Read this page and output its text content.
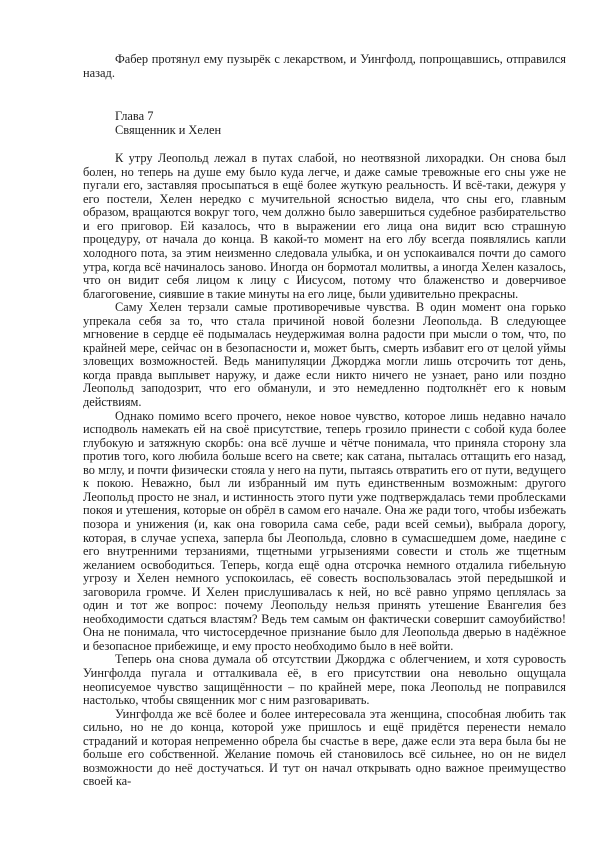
Фабер протянул ему пузырёк с лекарством, и Уингфолд, попрощавшись, отправился назад.

Глава 7
Священник и Хелен

К утру Леопольд лежал в путах слабой, но неотвязной лихорадки. Он снова был болен, но теперь на душе ему было куда легче, и даже самые тревожные его сны уже не пугали его, заставляя просыпаться в ещё более жуткую реальность. И всё-таки, дежуря у его постели, Хелен нередко с мучительной ясностью видела, что сны его, главным образом, вращаются вокруг того, чем должно было завершиться судебное разбирательство и его приговор. Ей казалось, что в выражении его лица она видит всю страшную процедуру, от начала до конца. В какой-то момент на его лбу всегда появлялись капли холодного пота, за этим неизменно следовала улыбка, и он успокаивался почти до самого утра, когда всё начиналось заново. Иногда он бормотал молитвы, а иногда Хелен казалось, что он видит себя лицом к лицу с Иисусом, потому что блаженство и доверчивое благоговение, сиявшие в такие минуты на его лице, были удивительно прекрасны.

Саму Хелен терзали самые противоречивые чувства. В один момент она горько упрекала себя за то, что стала причиной новой болезни Леопольда. В следующее мгновение в сердце её подымалась неудержимая волна радости при мысли о том, что, по крайней мере, сейчас он в безопасности и, может быть, смерть избавит его от целой уймы зловещих возможностей. Ведь манипуляции Джорджа могли лишь отсрочить тот день, когда правда выплывет наружу, и даже если никто ничего не узнает, рано или поздно Леопольд заподозрит, что его обманули, и это немедленно подтолкнёт его к новым действиям.

Однако помимо всего прочего, некое новое чувство, которое лишь недавно начало исподволь намекать ей на своё присутствие, теперь грозило принести с собой куда более глубокую и затяжную скорбь: она всё лучше и чётче понимала, что приняла сторону зла против того, кого любила больше всего на свете; как сатана, пыталась оттащить его назад, во мглу, и почти физически стояла у него на пути, пытаясь отвратить его от пути, ведущего к покою. Неважно, был ли избранный им путь единственным возможным: другого Леопольд просто не знал, и истинность этого пути уже подтверждалась теми проблесками покоя и утешения, которые он обрёл в самом его начале. Она же ради того, чтобы избежать позора и унижения (и, как она говорила сама себе, ради всей семьи), выбрала дорогу, которая, в случае успеха, заперла бы Леопольда, словно в сумасшедшем доме, наедине с его внутренними терзаниями, тщетными угрызениями совести и столь же тщетным желанием освободиться. Теперь, когда ещё одна отсрочка немного отдалила гибельную угрозу и Хелен немного успокоилась, её совесть воспользовалась этой передышкой и заговорила громче. И Хелен прислушивалась к ней, но всё равно упрямо цеплялась за один и тот же вопрос: почему Леопольду нельзя принять утешение Евангелия без необходимости сдаться властям? Ведь тем самым он фактически совершит самоубийство! Она не понимала, что чистосердечное признание было для Леопольда дверью в надёжное и безопасное прибежище, и ему просто необходимо было в неё войти.

Теперь она снова думала об отсутствии Джорджа с облегчением, и хотя суровость Уингфолда пугала и отталкивала её, в его присутствии она невольно ощущала неописуемое чувство защищённости – по крайней мере, пока Леопольд не поправился настолько, чтобы священник мог с ним разговаривать.

Уингфолда же всё более и более интересовала эта женщина, способная любить так сильно, но не до конца, которой уже пришлось и ещё придётся перенести немало страданий и которая непременно обрела бы счастье в вере, даже если эта вера была бы не больше его собственной. Желание помочь ей становилось всё сильнее, но он не видел возможности до неё достучаться. И тут он начал открывать одно важное преимущество своей ка-
